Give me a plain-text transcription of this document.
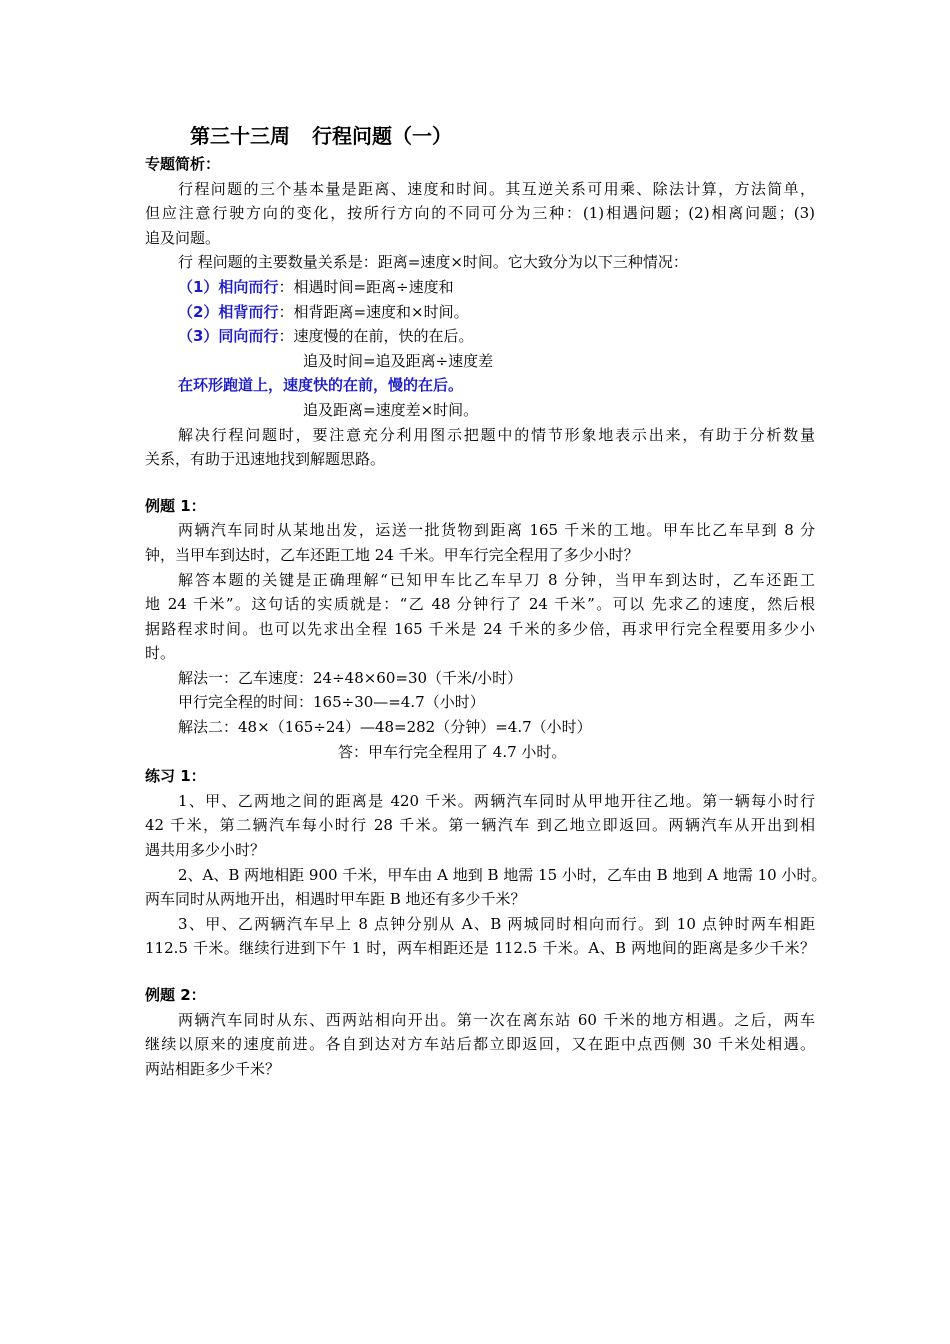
第三十三周 行程问题（一）
专题简析：
行程问题的三个基本量是距离、速度和时间。其互逆关系可用乘、除法计算，方法简单，
但应注意行驶方向的变化，按所行方向的不同可分为三种：(1)相遇问题；(2)相离问题；(3)
追及问题。
行 程问题的主要数量关系是：距离=速度×时间。它大致分为以下三种情况：
（1）相向而行：相遇时间=距离÷速度和
（2）相背而行：相背距离=速度和×时间。
（3）同向而行：速度慢的在前，快的在后。
追及时间=追及距离÷速度差
在环形跑道上，速度快的在前，慢的在后。
追及距离=速度差×时间。
解决行程问题时，要注意充分利用图示把题中的情节形象地表示出来，有助于分析数量
关系，有助于迅速地找到解题思路。
例题 1：
两辆汽车同时从某地出发，运送一批货物到距离 165 千米的工地。甲车比乙车早到 8 分
钟，当甲车到达时，乙车还距工地 24 千米。甲车行完全程用了多少小时？
解答本题的关键是正确理解“已知甲车比乙车早刀 8 分钟，当甲车到达时，乙车还距工
地 24 千米”。这句话的实质就是：“乙 48 分钟行了 24 千米”。可以 先求乙的速度，然后根
据路程求时间。也可以先求出全程 165 千米是 24 千米的多少倍，再求甲行完全程要用多少小
时。
解法一：乙车速度：24÷48×60=30（千米/小时）
甲行完全程的时间：165÷30—=4.7（小时）
解法二：48×（165÷24）—48=282（分钟）=4.7（小时）
答：甲车行完全程用了 4.7 小时。
练习 1：
1、甲、乙两地之间的距离是 420 千米。两辆汽车同时从甲地开往乙地。第一辆每小时行
42 千米，第二辆汽车每小时行 28 千米。第一辆汽车 到乙地立即返回。两辆汽车从开出到相
遇共用多少小时？
2、A、B 两地相距 900 千米，甲车由 A 地到 B 地需 15 小时，乙车由 B 地到 A 地需 10 小时。
两车同时从两地开出，相遇时甲车距 B 地还有多少千米？
3、甲、乙两辆汽车早上 8 点钟分别从 A、B 两城同时相向而行。到 10 点钟时两车相距
112.5 千米。继续行进到下午 1 时，两车相距还是 112.5 千米。A、B 两地间的距离是多少千米？
例题 2：
两辆汽车同时从东、西两站相向开出。第一次在离东站 60 千米的地方相遇。之后，两车
继续以原来的速度前进。各自到达对方车站后都立即返回，又在距中点西侧 30 千米处相遇。
两站相距多少千米？
